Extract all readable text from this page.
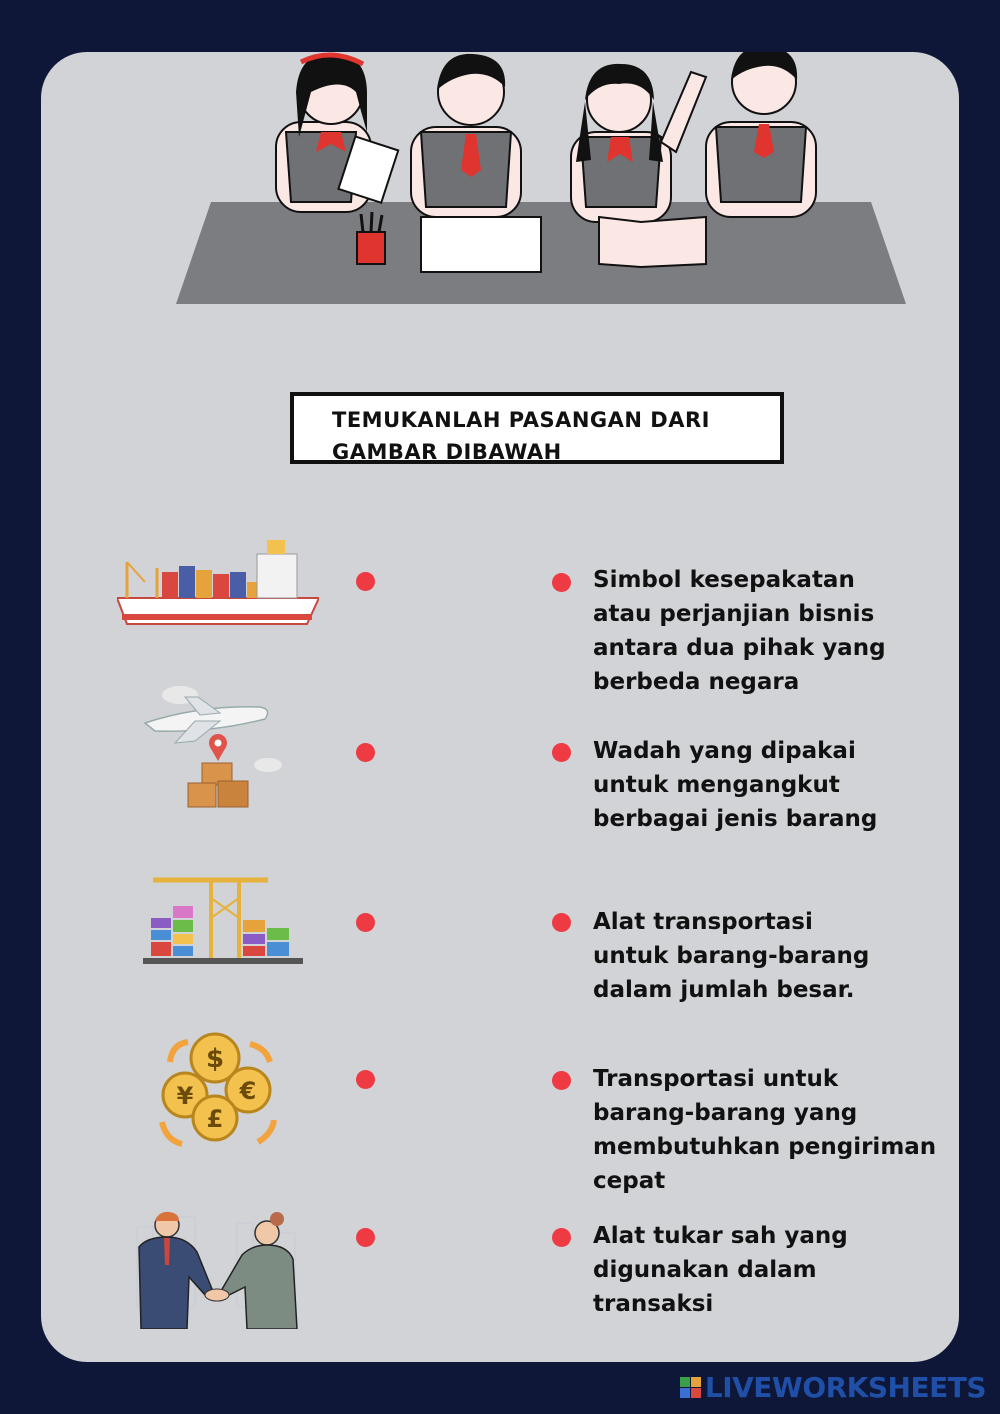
TEMUKANLAH PASANGAN DARI
GAMBAR DIBAWAH
$
¥ €
£
Simbol kesepakatan
atau perjanjian bisnis
antara dua pihak yang
berbeda negara
Wadah yang dipakai
untuk mengangkut
berbagai jenis barang
Alat transportasi
untuk barang-barang
dalam jumlah besar.
Transportasi untuk
barang-barang yang
membutuhkan pengiriman
cepat
Alat tukar sah yang
digunakan dalam
transaksi
LIVEWORKSHEETS
